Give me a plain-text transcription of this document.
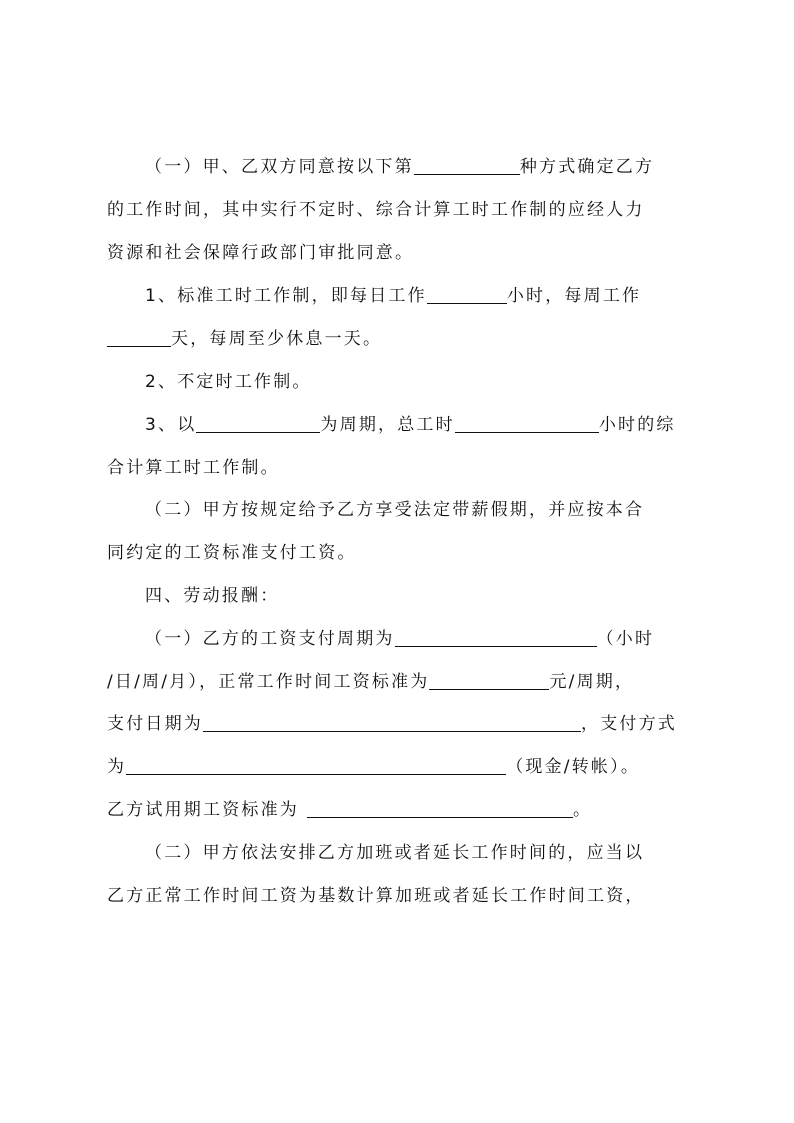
（一）甲、乙双方同意按以下第	种方式确定乙方
的工作时间，其中实行不定时、综合计算工时工作制的应经人力
资源和社会保障行政部门审批同意。
1、标准工时工作制，即每日工作	小时，每周工作
天，每周至少休息一天。
2、不定时工作制。
3、以	为周期，总工时	小时的综
合计算工时工作制。
（二）甲方按规定给予乙方享受法定带薪假期，并应按本合
同约定的工资标准支付工资。
四、劳动报酬：
（一）乙方的工资支付周期为	（小时
/日/周/月），正常工作时间工资标准为	元/周期，
支付日期为	，支付方式
为	（现金/转帐）。
乙方试用期工资标准为	。
（二）甲方依法安排乙方加班或者延长工作时间的，应当以
乙方正常工作时间工资为基数计算加班或者延长工作时间工资，
